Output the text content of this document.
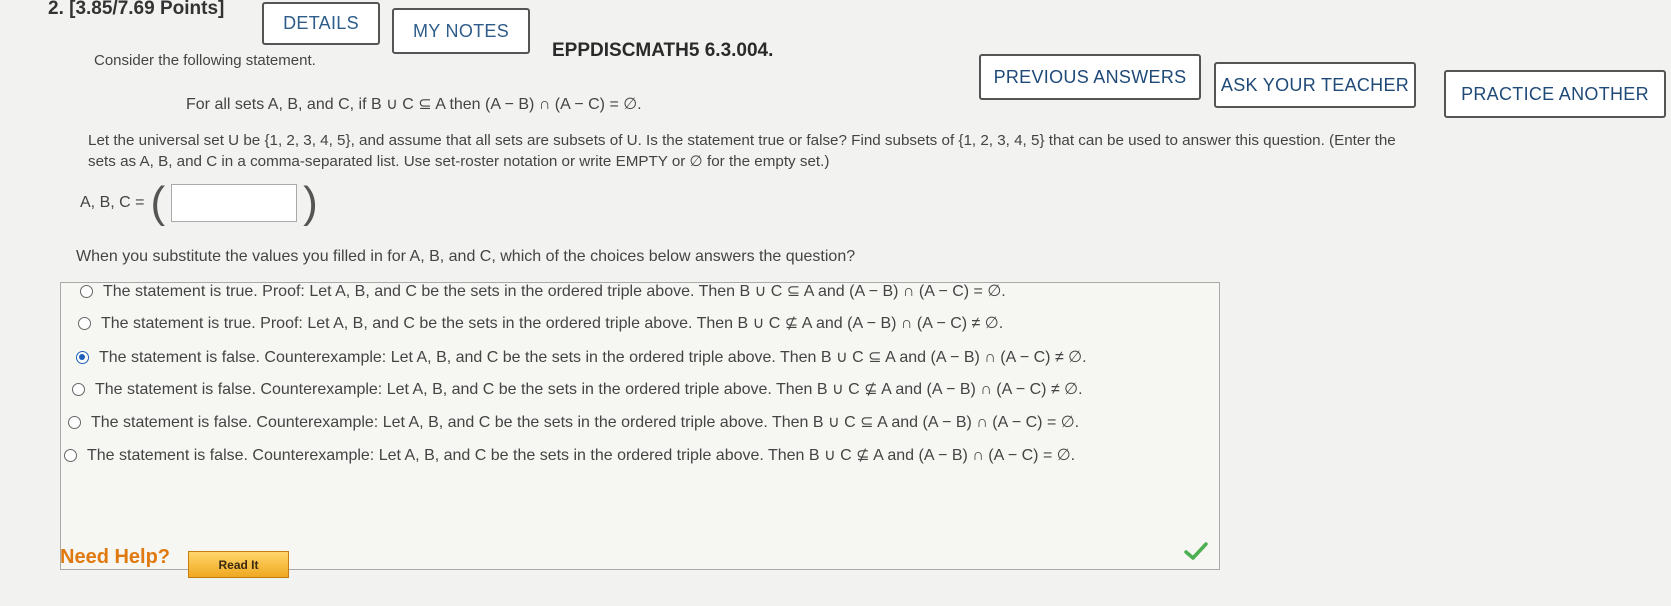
2. [3.85/7.69 Points]
DETAILS	MY NOTES
EPPDISCMATH5 6.3.004.
PREVIOUS ANSWERS	ASK YOUR TEACHER	PRACTICE ANOTHER
Consider the following statement.
For all sets A, B, and C, if B ∪ C ⊆ A then (A − B) ∩ (A − C) = ∅.
Let the universal set U be {1, 2, 3, 4, 5}, and assume that all sets are subsets of U. Is the statement true or false? Find subsets of {1, 2, 3, 4, 5} that can be used to answer this question. (Enter the
sets as A, B, and C in a comma-separated list. Use set-roster notation or write EMPTY or ∅ for the empty set.)
A, B, C = (	)
When you substitute the values you filled in for A, B, and C, which of the choices below answers the question?
The statement is true. Proof: Let A, B, and C be the sets in the ordered triple above. Then B ∪ C ⊆ A and (A − B) ∩ (A − C) = ∅.
The statement is true. Proof: Let A, B, and C be the sets in the ordered triple above. Then B ∪ C ⊈ A and (A − B) ∩ (A − C) ≠ ∅.
The statement is false. Counterexample: Let A, B, and C be the sets in the ordered triple above. Then B ∪ C ⊆ A and (A − B) ∩ (A − C) ≠ ∅.
The statement is false. Counterexample: Let A, B, and C be the sets in the ordered triple above. Then B ∪ C ⊈ A and (A − B) ∩ (A − C) ≠ ∅.
The statement is false. Counterexample: Let A, B, and C be the sets in the ordered triple above. Then B ∪ C ⊆ A and (A − B) ∩ (A − C) = ∅.
The statement is false. Counterexample: Let A, B, and C be the sets in the ordered triple above. Then B ∪ C ⊈ A and (A − B) ∩ (A − C) = ∅.
Need Help?	Read It
